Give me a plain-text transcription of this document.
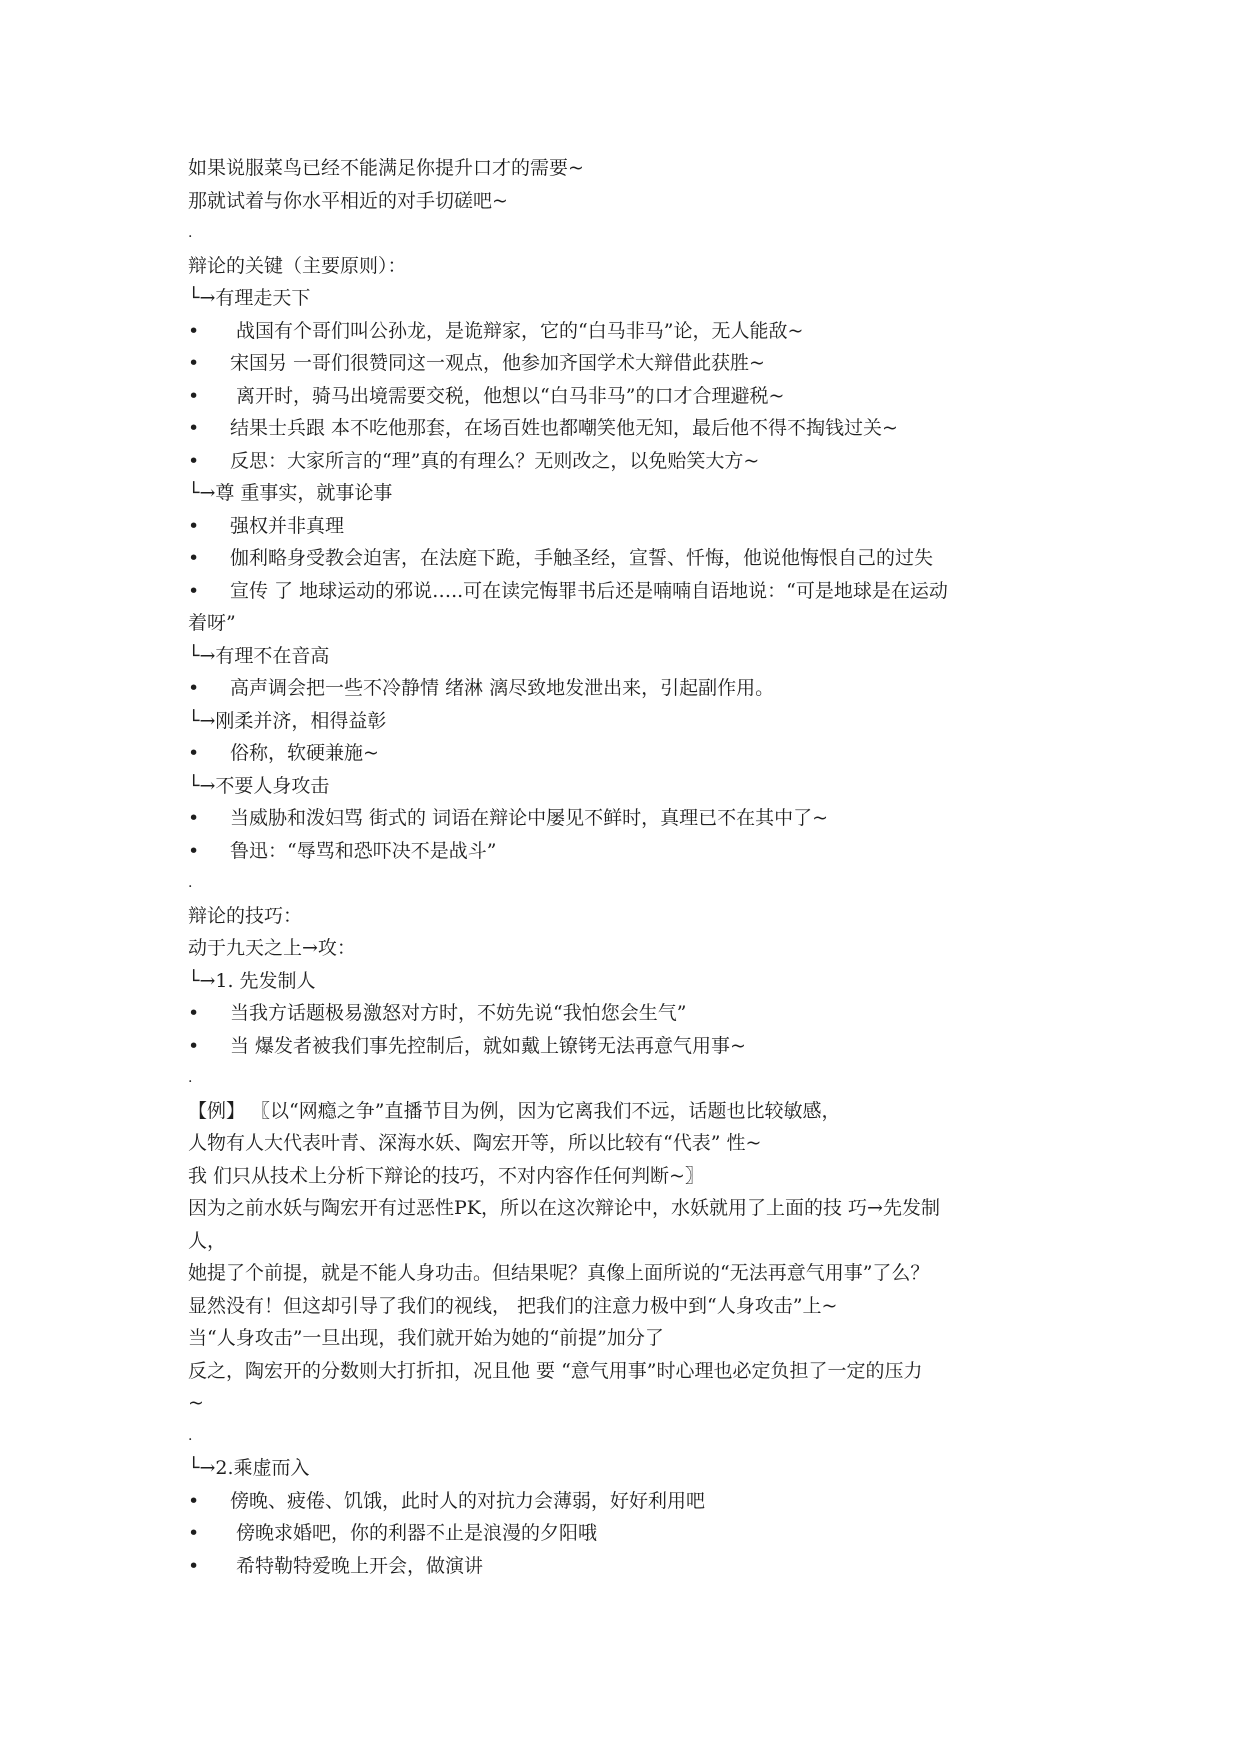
如果说服菜鸟已经不能满足你提升口才的需要~
那就试着与你水平相近的对手切磋吧~
.
辩论的关键（主要原则）：
└→有理走天下
• 战国有个哥们叫公孙龙，是诡辩家，它的“白马非马”论，无人能敌~
• 宋国另 一哥们很赞同这一观点，他参加齐国学术大辩借此获胜~
• 离开时，骑马出境需要交税，他想以“白马非马”的口才合理避税~
• 结果士兵跟 本不吃他那套，在场百姓也都嘲笑他无知，最后他不得不掏钱过关~
• 反思：大家所言的“理”真的有理么？无则改之，以免贻笑大方~
└→尊 重事实，就事论事
• 强权并非真理
• 伽利略身受教会迫害，在法庭下跪，手触圣经，宣誓、忏悔，他说他悔恨自己的过失
• 宣传 了 地球运动的邪说…..可在读完悔罪书后还是喃喃自语地说：“可是地球是在运动
着呀”
└→有理不在音高
• 高声调会把一些不冷静情 绪淋 漓尽致地发泄出来，引起副作用。
└→刚柔并济，相得益彰
• 俗称，软硬兼施~
└→不要人身攻击
• 当威胁和泼妇骂 街式的 词语在辩论中屡见不鲜时，真理已不在其中了~
• 鲁迅：“辱骂和恐吓决不是战斗”
.
辩论的技巧：
动于九天之上→攻：
└→1. 先发制人
• 当我方话题极易激怒对方时，不妨先说“我怕您会生气”
• 当 爆发者被我们事先控制后，就如戴上镣铐无法再意气用事~
.
【例】 〖以“网瘾之争”直播节目为例，因为它离我们不远，话题也比较敏感，
人物有人大代表叶青、深海水妖、陶宏开等，所以比较有“代表” 性~
我 们只从技术上分析下辩论的技巧，不对内容作任何判断~〗
因为之前水妖与陶宏开有过恶性PK，所以在这次辩论中，水妖就用了上面的技 巧→先发制
人，
她提了个前提，就是不能人身功击。但结果呢？真像上面所说的“无法再意气用事”了么？
显然没有！但这却引导了我们的视线， 把我们的注意力极中到“人身攻击”上~
当“人身攻击”一旦出现，我们就开始为她的“前提”加分了
反之，陶宏开的分数则大打折扣，况且他 要 “意气用事”时心理也必定负担了一定的压力
~
.
└→2.乘虚而入
• 傍晚、疲倦、饥饿，此时人的对抗力会薄弱，好好利用吧
• 傍晚求婚吧，你的利器不止是浪漫的夕阳哦
• 希特勒特爱晚上开会，做演讲
